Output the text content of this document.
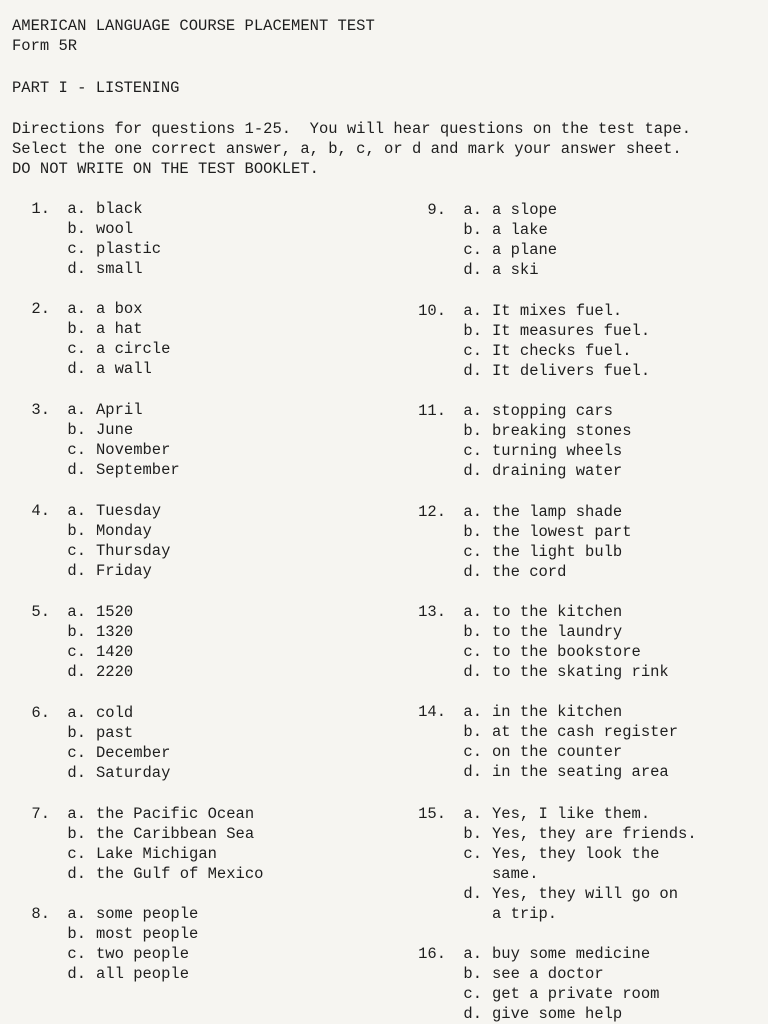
AMERICAN LANGUAGE COURSE PLACEMENT TEST
Form 5R
PART I - LISTENING
Directions for questions 1-25.  You will hear questions on the test tape.
Select the one correct answer, a, b, c, or d and mark your answer sheet.
DO NOT WRITE ON THE TEST BOOKLET.
1. a. black
b. wool
c. plastic
d. small
2. a. a box
b. a hat
c. a circle
d. a wall
3. a. April
b. June
c. November
d. September
4. a. Tuesday
b. Monday
c. Thursday
d. Friday
5. a. 1520
b. 1320
c. 1420
d. 2220
6. a. cold
b. past
c. December
d. Saturday
7. a. the Pacific Ocean
b. the Caribbean Sea
c. Lake Michigan
d. the Gulf of Mexico
8. a. some people
b. most people
c. two people
d. all people
9. a. a slope
b. a lake
c. a plane
d. a ski
10. a. It mixes fuel.
b. It measures fuel.
c. It checks fuel.
d. It delivers fuel.
11. a. stopping cars
b. breaking stones
c. turning wheels
d. draining water
12. a. the lamp shade
b. the lowest part
c. the light bulb
d. the cord
13. a. to the kitchen
b. to the laundry
c. to the bookstore
d. to the skating rink
14. a. in the kitchen
b. at the cash register
c. on the counter
d. in the seating area
15. a. Yes, I like them.
b. Yes, they are friends.
c. Yes, they look the
same.
d. Yes, they will go on
a trip.
16. a. buy some medicine
b. see a doctor
c. get a private room
d. give some help
